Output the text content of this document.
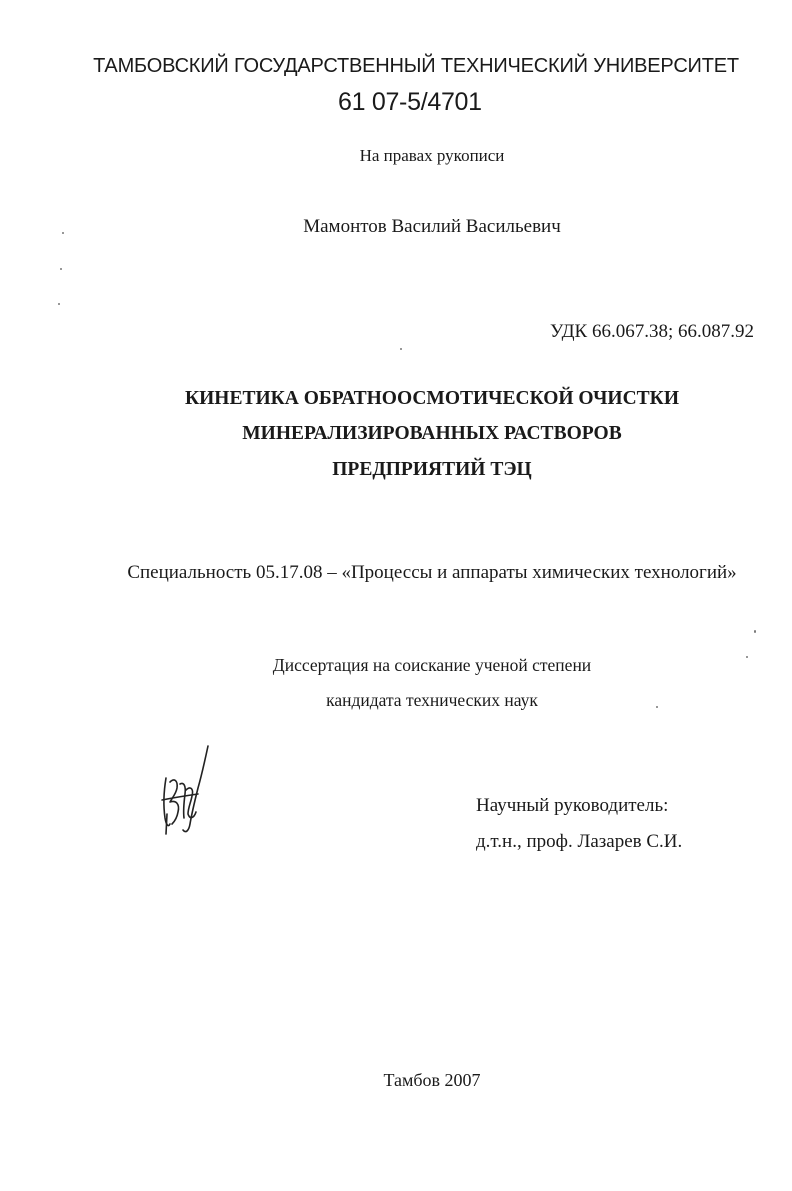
ТАМБОВСКИЙ ГОСУДАРСТВЕННЫЙ ТЕХНИЧЕСКИЙ УНИВЕРСИТЕТ
61 07-5/4701
На правах рукописи
Мамонтов Василий Васильевич
УДК 66.067.38; 66.087.92
КИНЕТИКА ОБРАТНООСМОТИЧЕСКОЙ ОЧИСТКИ
МИНЕРАЛИЗИРОВАННЫХ РАСТВОРОВ
ПРЕДПРИЯТИЙ ТЭЦ
Специальность 05.17.08 – «Процессы и аппараты химических технологий»
Диссертация на соискание ученой степени
кандидата технических наук
Научный руководитель:
д.т.н., проф. Лазарев С.И.
Тамбов 2007
